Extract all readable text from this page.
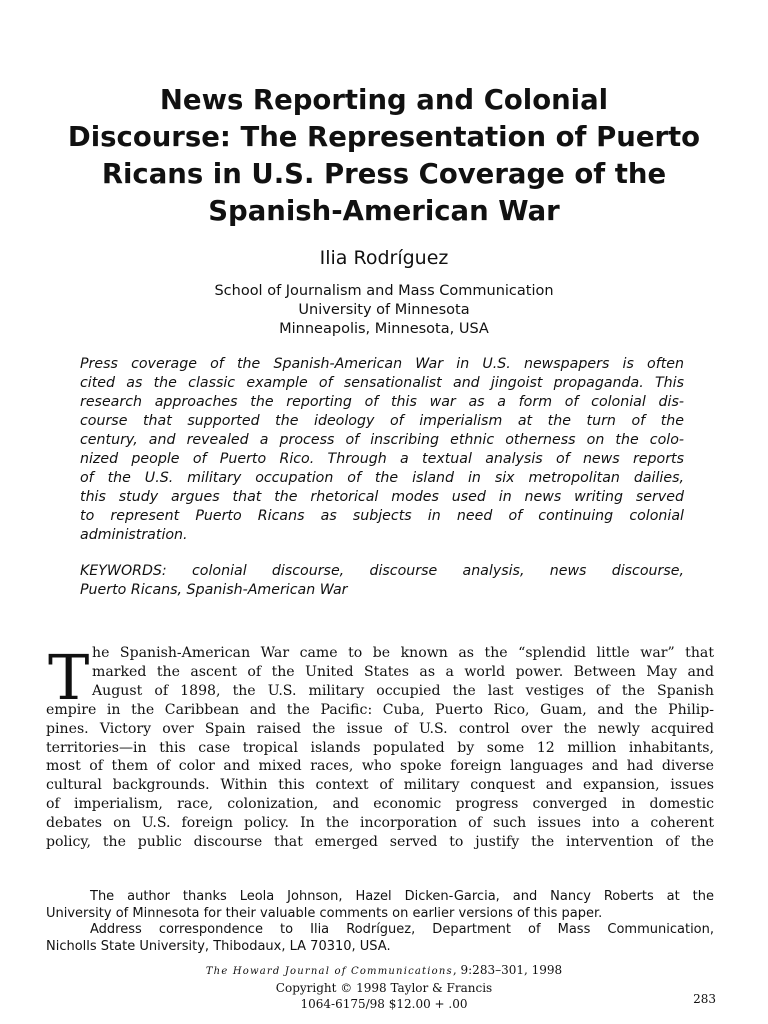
News Reporting and Colonial
Discourse: The Representation of Puerto
Ricans in U.S. Press Coverage of the
Spanish-American War

Ilia Rodríguez

School of Journalism and Mass Communication
University of Minnesota
Minneapolis, Minnesota, USA
Press coverage of the Spanish-American War in U.S. newspapers is often
cited as the classic example of sensationalist and jingoist propaganda. This
research approaches the reporting of this war as a form of colonial dis-
course that supported the ideology of imperialism at the turn of the
century, and revealed a process of inscribing ethnic otherness on the colo-
nized people of Puerto Rico. Through a textual analysis of news reports
of the U.S. military occupation of the island in six metropolitan dailies,
this study argues that the rhetorical modes used in news writing served
to represent Puerto Ricans as subjects in need of continuing colonial
administration.
KEYWORDS: colonial discourse, discourse analysis, news discourse,
Puerto Ricans, Spanish-American War
T he Spanish-American War came to be known as the “splendid little war” that
marked the ascent of the United States as a world power. Between May and
August of 1898, the U.S. military occupied the last vestiges of the Spanish
empire in the Caribbean and the Pacific: Cuba, Puerto Rico, Guam, and the Philip-
pines. Victory over Spain raised the issue of U.S. control over the newly acquired
territories—in this case tropical islands populated by some 12 million inhabitants,
most of them of color and mixed races, who spoke foreign languages and had diverse
cultural backgrounds. Within this context of military conquest and expansion, issues
of imperialism, race, colonization, and economic progress converged in domestic
debates on U.S. foreign policy. In the incorporation of such issues into a coherent
policy, the public discourse that emerged served to justify the intervention of the
The author thanks Leola Johnson, Hazel Dicken-Garcia, and Nancy Roberts at the
University of Minnesota for their valuable comments on earlier versions of this paper.
Address correspondence to Ilia Rodríguez, Department of Mass Communication,
Nicholls State University, Thibodaux, LA 70310, USA.
The Howard Journal of Communications, 9:283–301, 1998
Copyright © 1998 Taylor & Francis
1064-6175/98 $12.00 + .00	283
